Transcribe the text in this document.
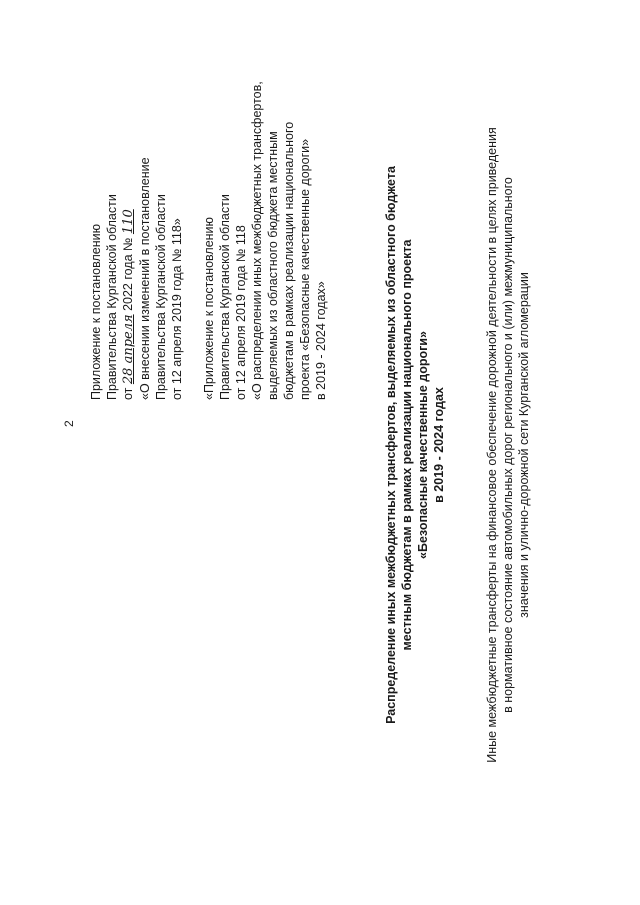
2
Приложение к постановлению Правительства Курганской области от 28 апреля 2022 года № 110 «О внесении изменений в постановление Правительства Курганской области от 12 апреля 2019 года № 118» «Приложение к постановлению Правительства Курганской области от 12 апреля 2019 года № 118 «О распределении иных межбюджетных трансфертов, выделяемых из областного бюджета местным бюджетам в рамках реализации национального проекта «Безопасные качественные дороги» в 2019 - 2024 годах»	Распределение иных межбюджетных трансфертов, выделяемых из областного бюджета местным бюджетам в рамках реализации национального проекта «Безопасные качественные дороги» в 2019 - 2024 годах	Иные межбюджетные трансферты на финансовое обеспечение дорожной деятельности в целях приведения в нормативное состояние автомобильных дорог регионального и (или) межмуниципального значения и улично-дорожной сети Курганской агломерации
